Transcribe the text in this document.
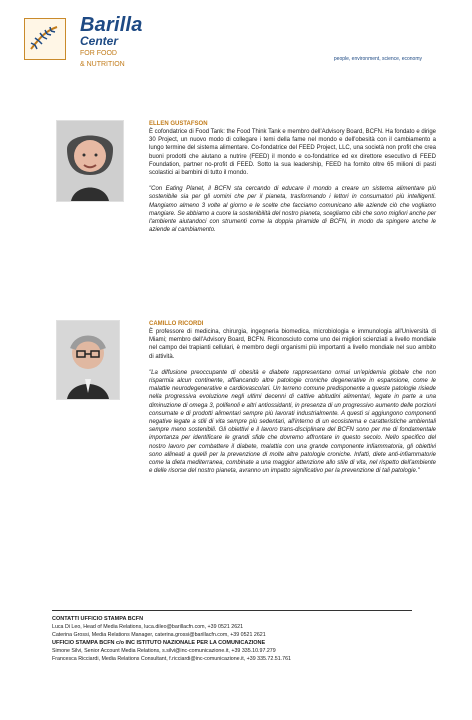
Barilla
Center
FOR FOOD
& NUTRITION
people, environment, science, economy
ELLEN GUSTAFSON

È cofondatrice di Food Tank: the Food Think Tank e membro dell'Advisory Board, BCFN. Ha fondato e dirige 30 Project, un nuovo modo di collegare i temi della fame nel mondo e dell'obesità con il cambiamento a lungo termine del sistema alimentare. Co-fondatrice del FEED Project, LLC, una società non profit che crea buoni prodotti che aiutano a nutrire (FEED) il mondo e co-fondatrice ed ex direttore esecutivo di FEED Foundation, partner no-profit di FEED. Sotto la sua leadership, FEED ha fornito oltre 65 milioni di pasti scolastici ai bambini di tutto il mondo.

"Con Eating Planet, il BCFN sta cercando di educare il mondo a creare un sistema alimentare più sostenibile sia per gli uomini che per il pianeta, trasformando i lettori in consumatori più intelligenti. Mangiamo almeno 3 volte al giorno e le scelte che facciamo comunicano alle aziende ciò che vogliamo mangiare. Se abbiamo a cuore la sostenibilità del nostro pianeta, scegliamo cibi che sono migliori anche per l'ambiente aiutandoci con strumenti come la doppia piramide di BCFN, in modo da spingere anche le aziende al cambiamento.

CAMILLO RICORDI

È professore di medicina, chirurgia, ingegneria biomedica, microbiologia e immunologia all'Università di Miami; membro dell'Advisory Board, BCFN. Riconosciuto come uno dei migliori scienziati a livello mondiale nel campo dei trapianti cellulari, è membro degli organismi più importanti a livello mondiale nel suo ambito di attività.

"La diffusione preoccupante di obesità e diabete rappresentano ormai un'epidemia globale che non risparmia alcun continente, affiancando altre patologie croniche degenerative in espansione, come le malattie neurodegenerative e cardiovascolari. Un terreno comune predisponente a queste patologie risiede nella progressiva evoluzione negli ultimi decenni di cattive abitudini alimentari, legate in parte a una diminuzione di omega 3, polifenoli e altri antiossidanti, in presenza di un progressivo aumento delle porzioni consumate e di prodotti alimentari sempre più lavorati industrialmente. A questi si aggiungono componenti negative legate a stili di vita sempre più sedentari, all'interno di un ecosistema e caratteristiche ambientali sempre meno sostenibili. Gli obiettivi e il lavoro trans-disciplinare del BCFN sono per me di fondamentale importanza per identificare le grandi sfide che dovremo affrontare in questo secolo. Nello specifico del nostro lavoro per combattere il diabete, malattia con una grande componente infiammatoria, gli obiettivi sono allineati a quelli per la prevenzione di molte altre patologie croniche. Infatti, diete anti-infiammatorie come la dieta mediterranea, combinate a una maggior attenzione allo stile di vita, nel rispetto dell'ambiente e delle risorse del nostro pianeta, avranno un impatto significativo per la prevenzione di tali patologie."

CONTATTI UFFICIO STAMPA BCFN
Luca Di Leo, Head of Media Relations, luca.dileo@barillacfn.com, +39 0521 2621
Caterina Grossi, Media Relations Manager, caterina.grossi@barillacfn.com, +39 0521 2621
UFFICIO STAMPA BCFN c/o INC ISTITUTO NAZIONALE PER LA COMUNICAZIONE
Simone Silvi, Senior Account Media Relations, s.silvi@inc-comunicazione.it, +39 335.10.97.279
Francesca Ricciardi, Media Relations Consultant, f.ricciardi@inc-comunicazione.it, +39 335.72.51.761
